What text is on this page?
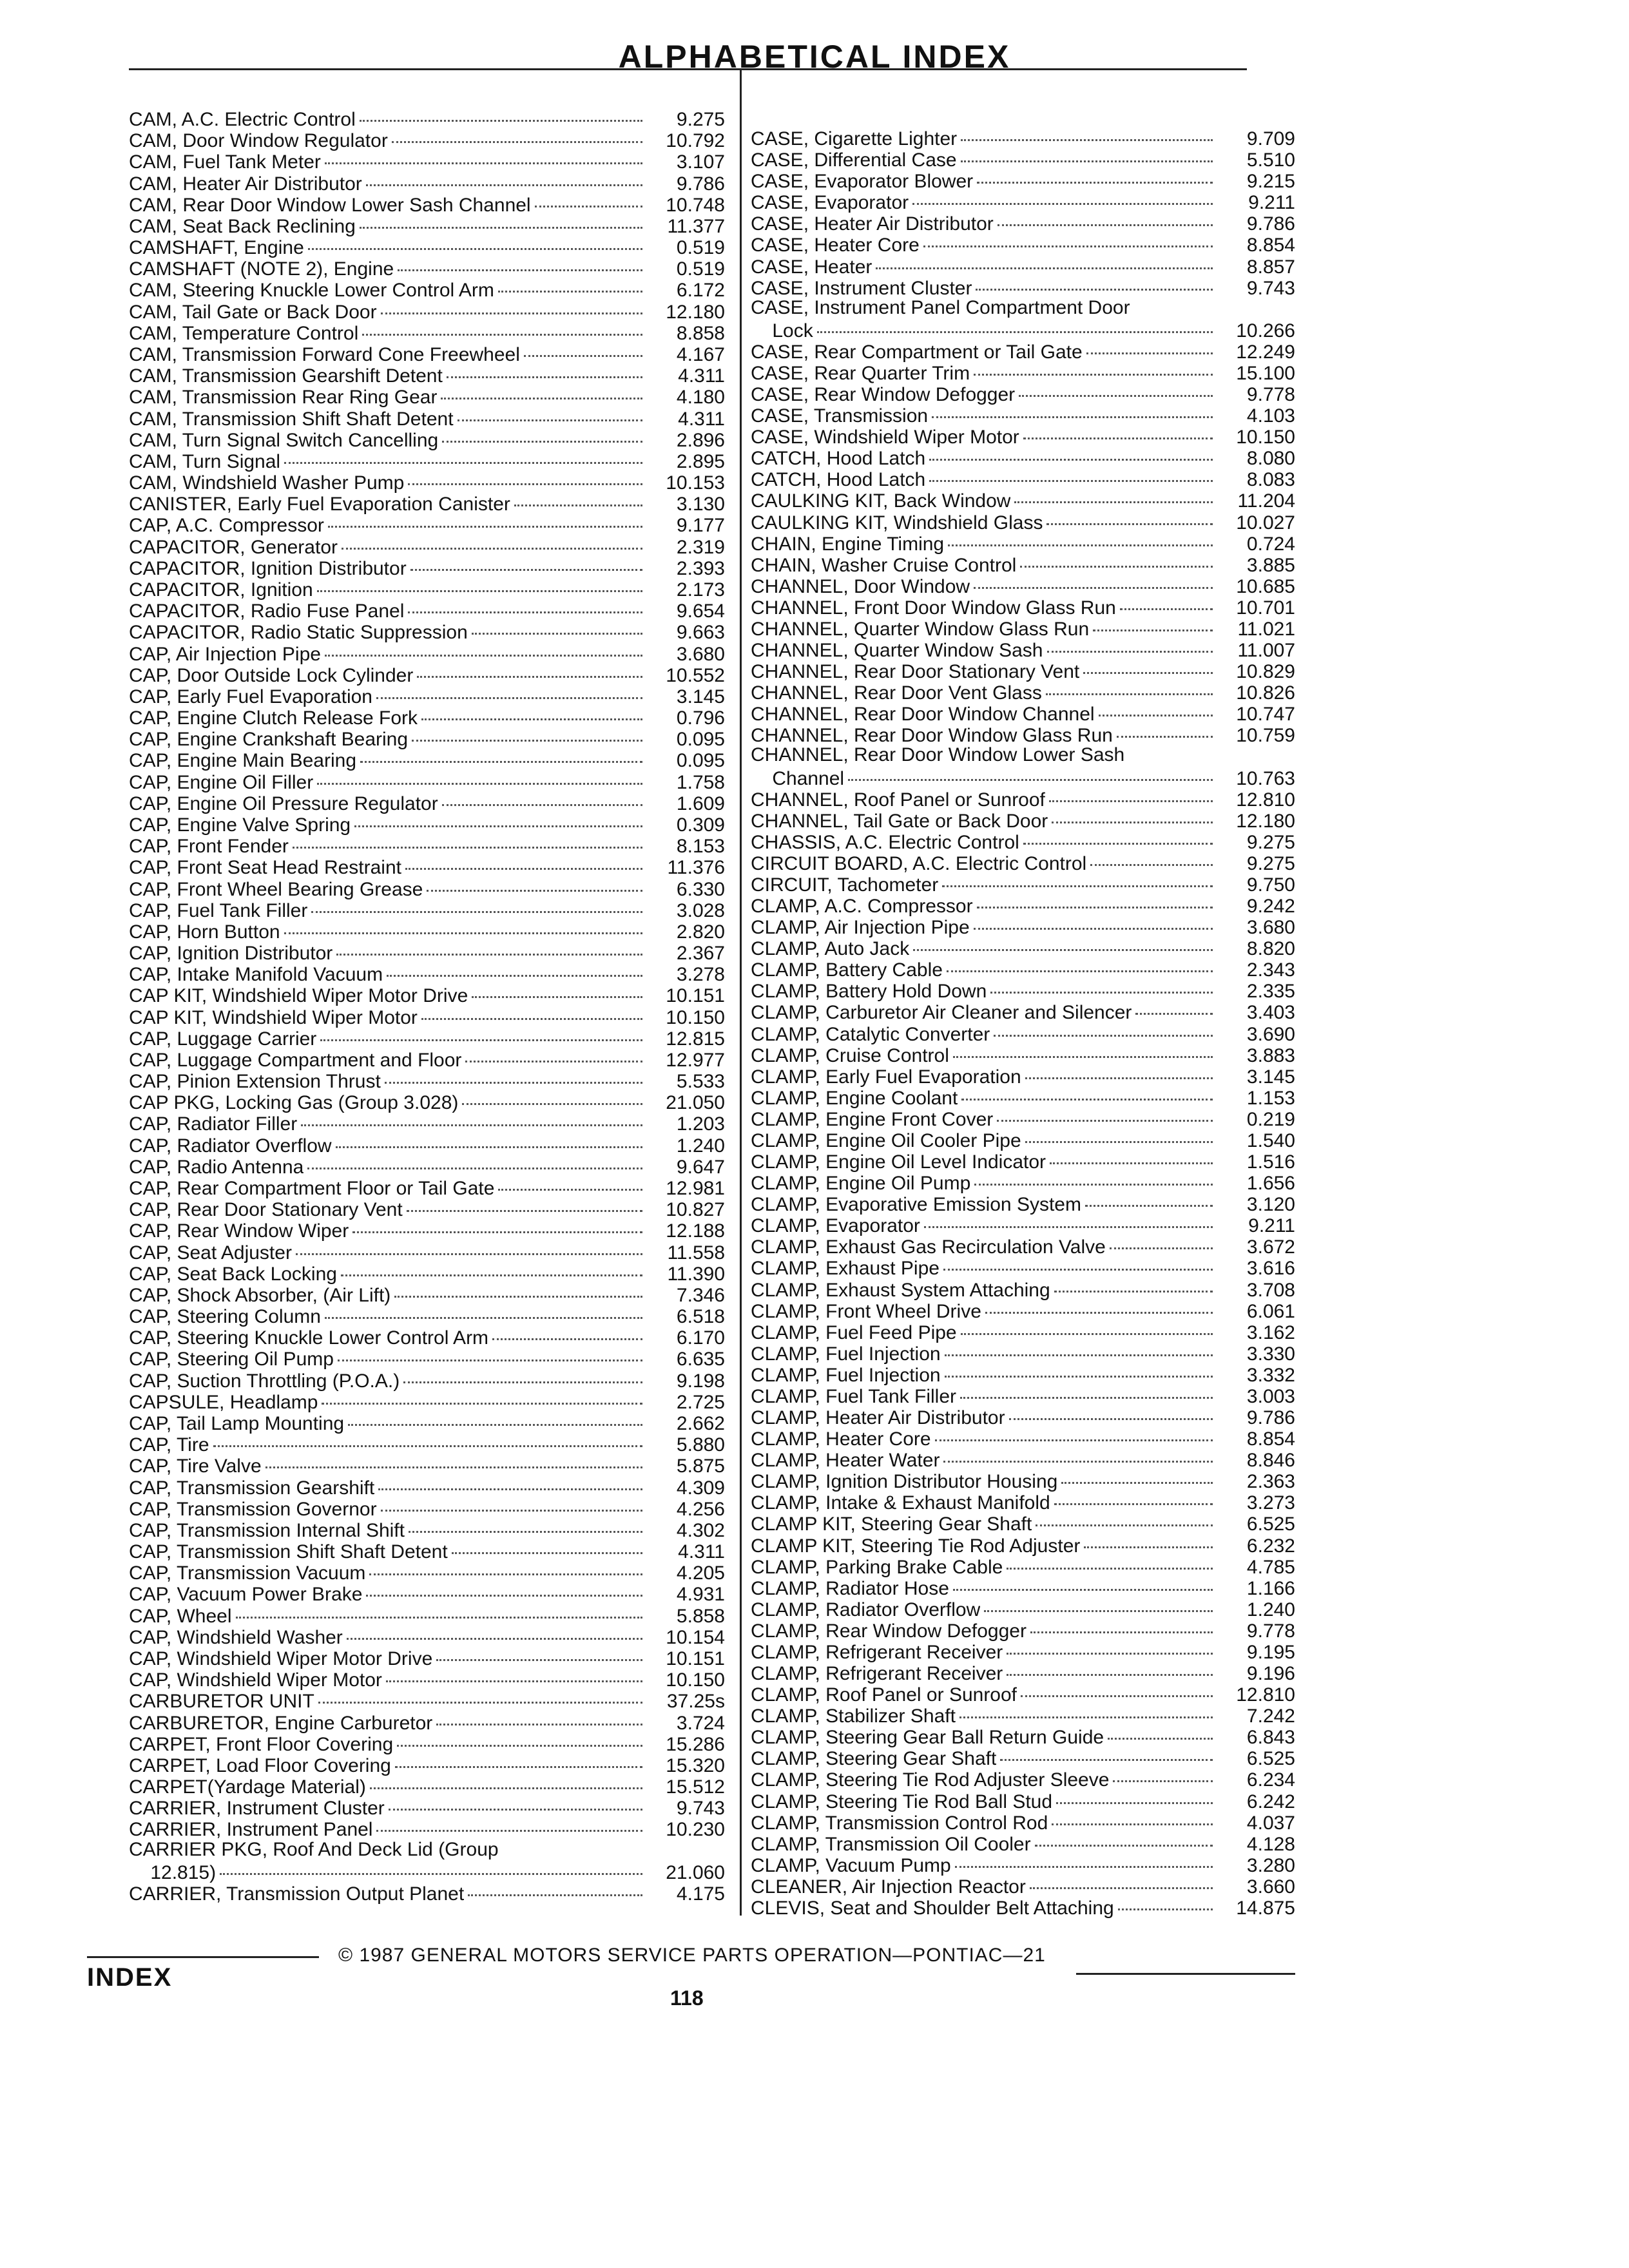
ALPHABETICAL INDEX
CAM, A.C. Electric Control	9.275
CAM, Door Window Regulator	10.792
CAM, Fuel Tank Meter	3.107
CAM, Heater Air Distributor	9.786
CAM, Rear Door Window Lower Sash Channel	10.748
CAM, Seat Back Reclining	11.377
CAMSHAFT, Engine	0.519
CAMSHAFT (NOTE 2), Engine	0.519
CAM, Steering Knuckle Lower Control Arm	6.172
CAM, Tail Gate or Back Door	12.180
CAM, Temperature Control	8.858
CAM, Transmission Forward Cone Freewheel	4.167
CAM, Transmission Gearshift Detent	4.311
CAM, Transmission Rear Ring Gear	4.180
CAM, Transmission Shift Shaft Detent	4.311
CAM, Turn Signal Switch Cancelling	2.896
CAM, Turn Signal	2.895
CAM, Windshield Washer Pump	10.153
CANISTER, Early Fuel Evaporation Canister	3.130
CAP, A.C. Compressor	9.177
CAPACITOR, Generator	2.319
CAPACITOR, Ignition Distributor	2.393
CAPACITOR, Ignition	2.173
CAPACITOR, Radio Fuse Panel	9.654
CAPACITOR, Radio Static Suppression	9.663
CAP, Air Injection Pipe	3.680
CAP, Door Outside Lock Cylinder	10.552
CAP, Early Fuel Evaporation	3.145
CAP, Engine Clutch Release Fork	0.796
CAP, Engine Crankshaft Bearing	0.095
CAP, Engine Main Bearing	0.095
CAP, Engine Oil Filler	1.758
CAP, Engine Oil Pressure Regulator	1.609
CAP, Engine Valve Spring	0.309
CAP, Front Fender	8.153
CAP, Front Seat Head Restraint	11.376
CAP, Front Wheel Bearing Grease	6.330
CAP, Fuel Tank Filler	3.028
CAP, Horn Button	2.820
CAP, Ignition Distributor	2.367
CAP, Intake Manifold Vacuum	3.278
CAP KIT, Windshield Wiper Motor Drive	10.151
CAP KIT, Windshield Wiper Motor	10.150
CAP, Luggage Carrier	12.815
CAP, Luggage Compartment and Floor	12.977
CAP, Pinion Extension Thrust	5.533
CAP PKG, Locking Gas (Group 3.028)	21.050
CAP, Radiator Filler	1.203
CAP, Radiator Overflow	1.240
CAP, Radio Antenna	9.647
CAP, Rear Compartment Floor or Tail Gate	12.981
CAP, Rear Door Stationary Vent	10.827
CAP, Rear Window Wiper	12.188
CAP, Seat Adjuster	11.558
CAP, Seat Back Locking	11.390
CAP, Shock Absorber, (Air Lift)	7.346
CAP, Steering Column	6.518
CAP, Steering Knuckle Lower Control Arm	6.170
CAP, Steering Oil Pump	6.635
CAP, Suction Throttling (P.O.A.)	9.198
CAPSULE, Headlamp	2.725
CAP, Tail Lamp Mounting	2.662
CAP, Tire	5.880
CAP, Tire Valve	5.875
CAP, Transmission Gearshift	4.309
CAP, Transmission Governor	4.256
CAP, Transmission Internal Shift	4.302
CAP, Transmission Shift Shaft Detent	4.311
CAP, Transmission Vacuum	4.205
CAP, Vacuum Power Brake	4.931
CAP, Wheel	5.858
CAP, Windshield Washer	10.154
CAP, Windshield Wiper Motor Drive	10.151
CAP, Windshield Wiper Motor	10.150
CARBURETOR UNIT	37.25s
CARBURETOR, Engine Carburetor	3.724
CARPET, Front Floor Covering	15.286
CARPET, Load Floor Covering	15.320
CARPET(Yardage Material)	15.512
CARRIER, Instrument Cluster	9.743
CARRIER, Instrument Panel	10.230
CARRIER PKG, Roof And Deck Lid (Group
12.815)	21.060
CARRIER, Transmission Output Planet	4.175
CASE, Cigarette Lighter	9.709
CASE, Differential Case	5.510
CASE, Evaporator Blower	9.215
CASE, Evaporator	9.211
CASE, Heater Air Distributor	9.786
CASE, Heater Core	8.854
CASE, Heater	8.857
CASE, Instrument Cluster	9.743
CASE, Instrument Panel Compartment Door
Lock	10.266
CASE, Rear Compartment or Tail Gate	12.249
CASE, Rear Quarter Trim	15.100
CASE, Rear Window Defogger	9.778
CASE, Transmission	4.103
CASE, Windshield Wiper Motor	10.150
CATCH, Hood Latch	8.080
CATCH, Hood Latch	8.083
CAULKING KIT, Back Window	11.204
CAULKING KIT, Windshield Glass	10.027
CHAIN, Engine Timing	0.724
CHAIN, Washer Cruise Control	3.885
CHANNEL, Door Window	10.685
CHANNEL, Front Door Window Glass Run	10.701
CHANNEL, Quarter Window Glass Run	11.021
CHANNEL, Quarter Window Sash	11.007
CHANNEL, Rear Door Stationary Vent	10.829
CHANNEL, Rear Door Vent Glass	10.826
CHANNEL, Rear Door Window Channel	10.747
CHANNEL, Rear Door Window Glass Run	10.759
CHANNEL, Rear Door Window Lower Sash
Channel	10.763
CHANNEL, Roof Panel or Sunroof	12.810
CHANNEL, Tail Gate or Back Door	12.180
CHASSIS, A.C. Electric Control	9.275
CIRCUIT BOARD, A.C. Electric Control	9.275
CIRCUIT, Tachometer	9.750
CLAMP, A.C. Compressor	9.242
CLAMP, Air Injection Pipe	3.680
CLAMP, Auto Jack	8.820
CLAMP, Battery Cable	2.343
CLAMP, Battery Hold Down	2.335
CLAMP, Carburetor Air Cleaner and Silencer	3.403
CLAMP, Catalytic Converter	3.690
CLAMP, Cruise Control	3.883
CLAMP, Early Fuel Evaporation	3.145
CLAMP, Engine Coolant	1.153
CLAMP, Engine Front Cover	0.219
CLAMP, Engine Oil Cooler Pipe	1.540
CLAMP, Engine Oil Level Indicator	1.516
CLAMP, Engine Oil Pump	1.656
CLAMP, Evaporative Emission System	3.120
CLAMP, Evaporator	9.211
CLAMP, Exhaust Gas Recirculation Valve	3.672
CLAMP, Exhaust Pipe	3.616
CLAMP, Exhaust System Attaching	3.708
CLAMP, Front Wheel Drive	6.061
CLAMP, Fuel Feed Pipe	3.162
CLAMP, Fuel Injection	3.330
CLAMP, Fuel Injection	3.332
CLAMP, Fuel Tank Filler	3.003
CLAMP, Heater Air Distributor	9.786
CLAMP, Heater Core	8.854
CLAMP, Heater Water	8.846
CLAMP, Ignition Distributor Housing	2.363
CLAMP, Intake & Exhaust Manifold	3.273
CLAMP KIT, Steering Gear Shaft	6.525
CLAMP KIT, Steering Tie Rod Adjuster	6.232
CLAMP, Parking Brake Cable	4.785
CLAMP, Radiator Hose	1.166
CLAMP, Radiator Overflow	1.240
CLAMP, Rear Window Defogger	9.778
CLAMP, Refrigerant Receiver	9.195
CLAMP, Refrigerant Receiver	9.196
CLAMP, Roof Panel or Sunroof	12.810
CLAMP, Stabilizer Shaft	7.242
CLAMP, Steering Gear Ball Return Guide	6.843
CLAMP, Steering Gear Shaft	6.525
CLAMP, Steering Tie Rod Adjuster Sleeve	6.234
CLAMP, Steering Tie Rod Ball Stud	6.242
CLAMP, Transmission Control Rod	4.037
CLAMP, Transmission Oil Cooler	4.128
CLAMP, Vacuum Pump	3.280
CLEANER, Air Injection Reactor	3.660
CLEVIS, Seat and Shoulder Belt Attaching	14.875
© 1987 GENERAL MOTORS SERVICE PARTS OPERATION—PONTIAC—21
INDEX
118
